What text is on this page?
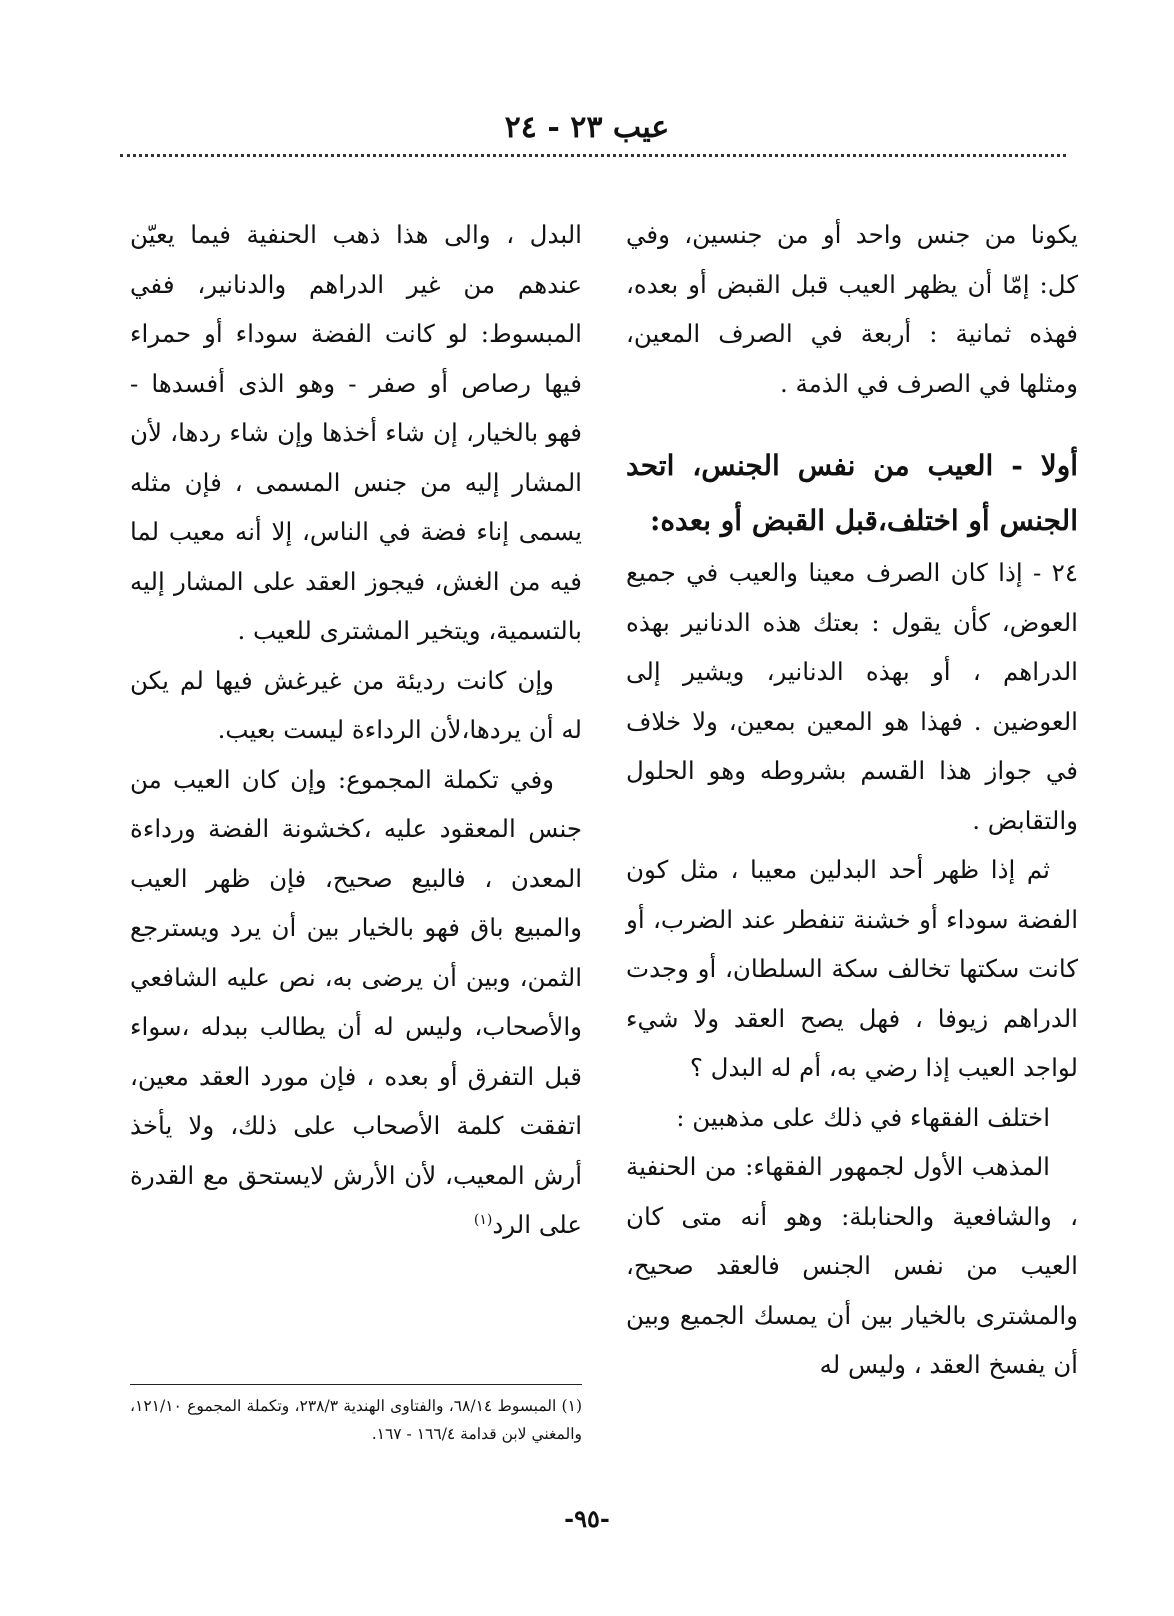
عيب ٢٣ - ٢٤

يكونا من جنس واحد أو من جنسين، وفي كل: إمّا أن يظهر العيب قبل القبض أو بعده، فهذه ثمانية : أربعة في الصرف المعين، ومثلها في الصرف في الذمة .

أولا - العيب من نفس الجنس، اتحد الجنس أو اختلف،قبل القبض أو بعده:

٢٤ - إذا كان الصرف معينا والعيب في جميع العوض، كأن يقول : بعتك هذه الدنانير بهذه الدراهم ، أو بهذه الدنانير، ويشير إلى العوضين . فهذا هو المعين بمعين، ولا خلاف في جواز هذا القسم بشروطه وهو الحلول والتقابض .

ثم إذا ظهر أحد البدلين معيبا ، مثل كون الفضة سوداء أو خشنة تنفطر عند الضرب، أو كانت سكتها تخالف سكة السلطان، أو وجدت الدراهم زيوفا ، فهل يصح العقد ولا شيء لواجد العيب إذا رضي به، أم له البدل ؟

اختلف الفقهاء في ذلك على مذهبين :

المذهب الأول لجمهور الفقهاء: من الحنفية ، والشافعية والحنابلة: وهو أنه متى كان العيب من نفس الجنس فالعقد صحيح، والمشترى بالخيار بين أن يمسك الجميع وبين أن يفسخ العقد ، وليس له

البدل ، والى هذا ذهب الحنفية فيما يعيّن عندهم من غير الدراهم والدنانير، ففي المبسوط: لو كانت الفضة سوداء أو حمراء فيها رصاص أو صفر - وهو الذى أفسدها - فهو بالخيار، إن شاء أخذها وإن شاء ردها، لأن المشار إليه من جنس المسمى ، فإن مثله يسمى إناء فضة في الناس، إلا أنه معيب لما فيه من الغش، فيجوز العقد على المشار إليه بالتسمية، ويتخير المشترى للعيب .

وإن كانت رديئة من غيرغش فيها لم يكن له أن يردها،لأن الرداءة ليست بعيب.

وفي تكملة المجموع: وإن كان العيب من جنس المعقود عليه ،كخشونة الفضة ورداءة المعدن ، فالبيع صحيح، فإن ظهر العيب والمبيع باق فهو بالخيار بين أن يرد ويسترجع الثمن، وبين أن يرضى به، نص عليه الشافعي والأصحاب، وليس له أن يطالب ببدله ،سواء قبل التفرق أو بعده ، فإن مورد العقد معين، اتفقت كلمة الأصحاب على ذلك، ولا يأخذ أرش المعيب، لأن الأرش لايستحق مع القدرة على الرد$^{(١)}$

(١) المبسوط ٦٨/١٤، والفتاوى الهندية ٢٣٨/٣، وتكملة المجموع ١٢١/١٠، والمغني لابن قدامة ١٦٦/٤ - ١٦٧.
-٩٥-
